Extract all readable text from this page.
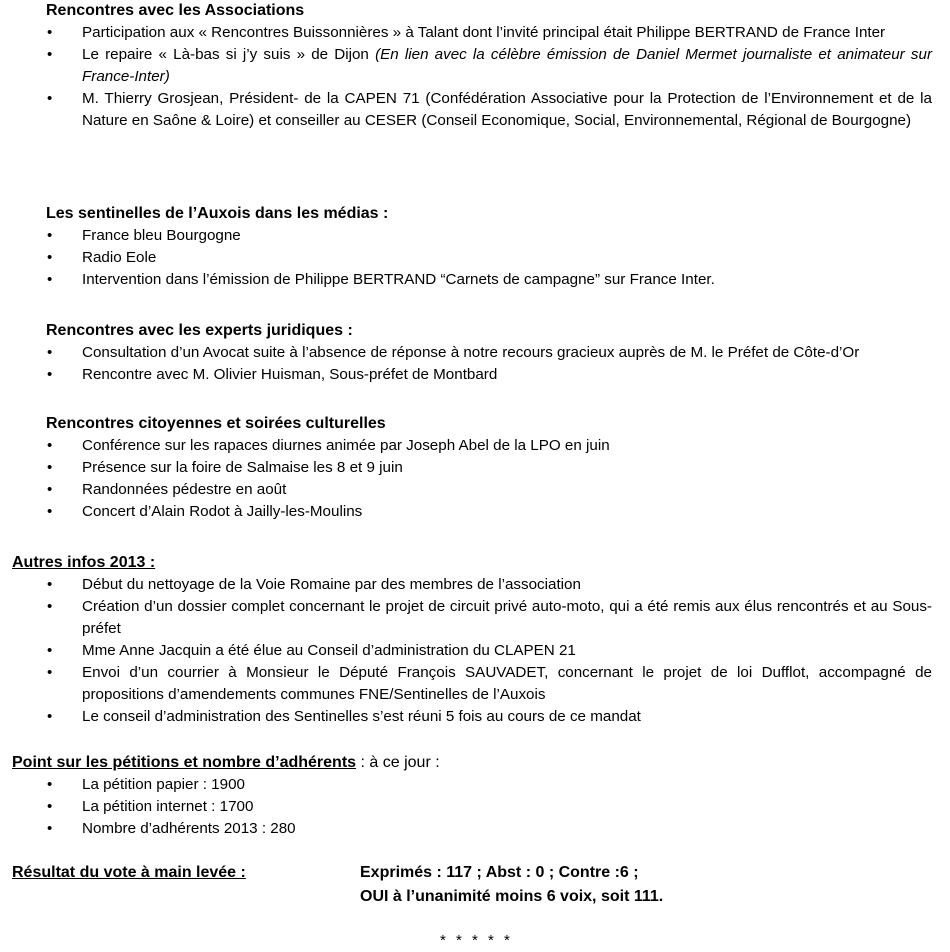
Rencontres avec les Associations

• Participation aux « Rencontres Buissonnières » à Talant dont l’invité principal était Philippe BERTRAND de France Inter
• Le repaire « Là-bas si j’y suis » de Dijon (En lien avec la célèbre émission de Daniel Mermet journaliste et animateur sur France-Inter)
• M. Thierry Grosjean, Président- de la CAPEN 71 (Confédération Associative pour la Protection de l’Environnement et de la Nature en Saône & Loire) et conseiller au CESER (Conseil Economique, Social, Environnemental, Régional de Bourgogne)

Les sentinelles de l’Auxois dans les médias :

• France bleu Bourgogne
• Radio Eole
• Intervention dans l’émission de Philippe BERTRAND “Carnets de campagne” sur France Inter.

Rencontres avec les experts juridiques :

• Consultation d’un Avocat suite à l’absence de réponse à notre recours gracieux auprès de M. le Préfet de Côte-d’Or
• Rencontre avec M. Olivier Huisman, Sous-préfet de Montbard

Rencontres citoyennes et soirées culturelles

• Conférence sur les rapaces diurnes animée par Joseph Abel de la LPO en juin
• Présence sur la foire de Salmaise les 8 et 9 juin
• Randonnées pédestre en août
• Concert d’Alain Rodot à Jailly-les-Moulins

Autres infos 2013 :

• Début du nettoyage de la Voie Romaine par des membres de l’association
• Création d’un dossier complet concernant le projet de circuit privé auto-moto, qui a été remis aux élus rencontrés et au Sous-préfet
• Mme Anne Jacquin a été élue au Conseil d’administration du CLAPEN 21
• Envoi d’un courrier à Monsieur le Député François SAUVADET, concernant le projet de loi Dufflot, accompagné de propositions d’amendements communes FNE/Sentinelles de l’Auxois
• Le conseil d’administration des Sentinelles s’est réuni 5 fois au cours de ce mandat

Point sur les pétitions et nombre d’adhérents : à ce jour :

• La pétition papier : 1900
• La pétition internet : 1700
• Nombre d’adhérents 2013 : 280
Résultat du vote à main levée :	Exprimés : 117 ; Abst : 0 ; Contre :6 ;
OUI à l’unanimité moins 6 voix, soit 111.
* * * * *
